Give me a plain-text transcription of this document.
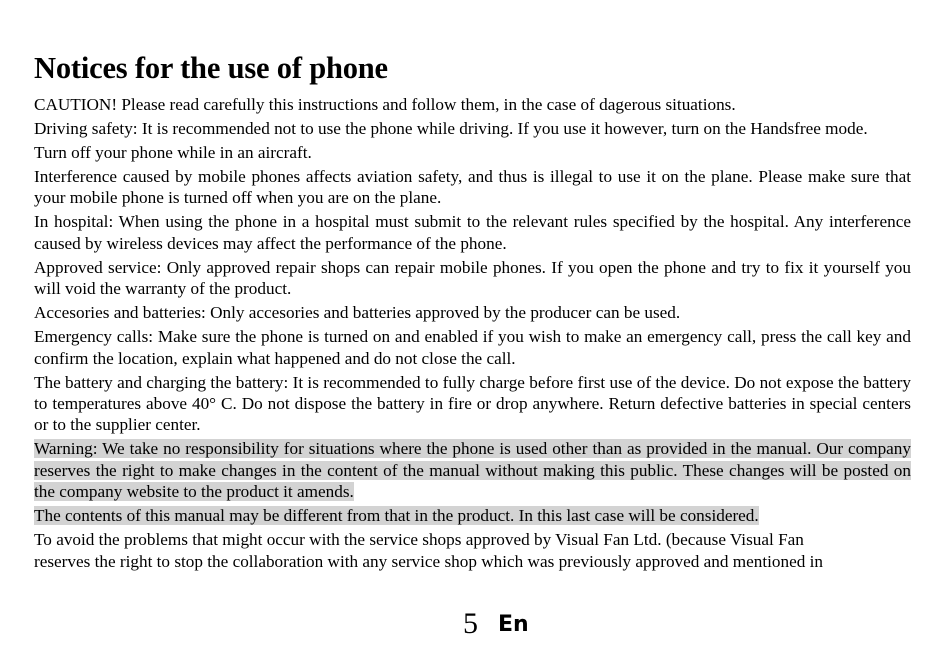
Notices for the use of phone

CAUTION! Please read carefully this instructions and follow them, in the case of dagerous situations.

Driving safety: It is recommended not to use the phone while driving. If you use it however, turn on the Handsfree mode.

Turn off your phone while in an aircraft.

Interference caused by mobile phones affects aviation safety, and thus is illegal to use it on the plane. Please make sure that your mobile phone is turned off when you are on the plane.

In hospital: When using the phone in a hospital must submit to the relevant rules specified by the hospital. Any interference caused by wireless devices may affect the performance of the phone.

Approved service: Only approved repair shops can repair mobile phones. If you open the phone and try to fix it yourself you will void the warranty of the product.

Accesories and batteries: Only accesories and batteries approved by the producer can be used.

Emergency calls: Make sure the phone is turned on and enabled if you wish to make an emergency call, press the call key and confirm the location, explain what happened and do not close the call.

The battery and charging the battery: It is recommended to fully charge before first use of the device. Do not expose the battery to temperatures above 40° C. Do not dispose the battery in fire or drop anywhere. Return defective batteries in special centers or to the supplier center.

Warning: We take no responsibility for situations where the phone is used other than as provided in the manual. Our company reserves the right to make changes in the content of the manual without making this public. These changes will be posted on the company website to the product it amends.

The contents of this manual may be different from that in the product. In this last case will be considered.

To avoid the problems that might occur with the service shops approved by Visual Fan Ltd. (because Visual Fan
reserves the right to stop the collaboration with any service shop which was previously approved and mentioned in

5 En
